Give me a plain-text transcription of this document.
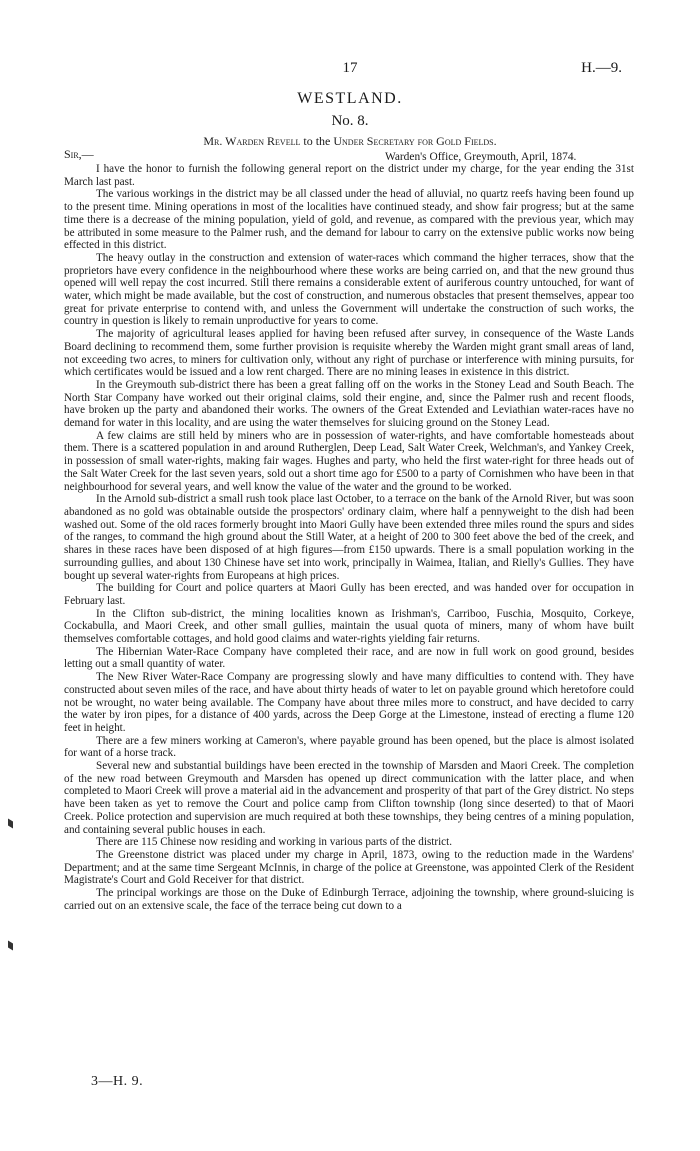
17	H.—9.
WESTLAND.
No. 8.
Mr. Warden Revell to the Under Secretary for Gold Fields.
Sir,—	Warden's Office, Greymouth, April, 1874.

I have the honor to furnish the following general report on the district under my charge, for the year ending the 31st March last past.

The various workings in the district may be all classed under the head of alluvial, no quartz reefs having been found up to the present time. Mining operations in most of the localities have continued steady, and show fair progress; but at the same time there is a decrease of the mining population, yield of gold, and revenue, as compared with the previous year, which may be attributed in some measure to the Palmer rush, and the demand for labour to carry on the extensive public works now being effected in this district.

The heavy outlay in the construction and extension of water-races which command the higher terraces, show that the proprietors have every confidence in the neighbourhood where these works are being carried on, and that the new ground thus opened will well repay the cost incurred. Still there remains a considerable extent of auriferous country untouched, for want of water, which might be made available, but the cost of construction, and numerous obstacles that present themselves, appear too great for private enterprise to contend with, and unless the Government will undertake the construction of such works, the country in question is likely to remain unproductive for years to come.

The majority of agricultural leases applied for having been refused after survey, in consequence of the Waste Lands Board declining to recommend them, some further provision is requisite whereby the Warden might grant small areas of land, not exceeding two acres, to miners for cultivation only, without any right of purchase or interference with mining pursuits, for which certificates would be issued and a low rent charged. There are no mining leases in existence in this district.

In the Greymouth sub-district there has been a great falling off on the works in the Stoney Lead and South Beach. The North Star Company have worked out their original claims, sold their engine, and, since the Palmer rush and recent floods, have broken up the party and abandoned their works. The owners of the Great Extended and Leviathian water-races have no demand for water in this locality, and are using the water themselves for sluicing ground on the Stoney Lead.

A few claims are still held by miners who are in possession of water-rights, and have comfortable homesteads about them. There is a scattered population in and around Rutherglen, Deep Lead, Salt Water Creek, Welchman's, and Yankey Creek, in possession of small water-rights, making fair wages. Hughes and party, who held the first water-right for three heads out of the Salt Water Creek for the last seven years, sold out a short time ago for £500 to a party of Cornishmen who have been in that neighbourhood for several years, and well know the value of the water and the ground to be worked.

In the Arnold sub-district a small rush took place last October, to a terrace on the bank of the Arnold River, but was soon abandoned as no gold was obtainable outside the prospectors' ordinary claim, where half a pennyweight to the dish had been washed out. Some of the old races formerly brought into Maori Gully have been extended three miles round the spurs and sides of the ranges, to command the high ground about the Still Water, at a height of 200 to 300 feet above the bed of the creek, and shares in these races have been disposed of at high figures—from £150 upwards. There is a small population working in the surrounding gullies, and about 130 Chinese have set into work, principally in Waimea, Italian, and Rielly's Gullies. They have bought up several water-rights from Europeans at high prices.

The building for Court and police quarters at Maori Gully has been erected, and was handed over for occupation in February last.

In the Clifton sub-district, the mining localities known as Irishman's, Carriboo, Fuschia, Mosquito, Corkeye, Cockabulla, and Maori Creek, and other small gullies, maintain the usual quota of miners, many of whom have built themselves comfortable cottages, and hold good claims and water-rights yielding fair returns.

The Hibernian Water-Race Company have completed their race, and are now in full work on good ground, besides letting out a small quantity of water.

The New River Water-Race Company are progressing slowly and have many difficulties to contend with. They have constructed about seven miles of the race, and have about thirty heads of water to let on payable ground which heretofore could not be wrought, no water being available. The Company have about three miles more to construct, and have decided to carry the water by iron pipes, for a distance of 400 yards, across the Deep Gorge at the Limestone, instead of erecting a flume 120 feet in height.

There are a few miners working at Cameron's, where payable ground has been opened, but the place is almost isolated for want of a horse track.

Several new and substantial buildings have been erected in the township of Marsden and Maori Creek. The completion of the new road between Greymouth and Marsden has opened up direct communication with the latter place, and when completed to Maori Creek will prove a material aid in the advancement and prosperity of that part of the Grey district. No steps have been taken as yet to remove the Court and police camp from Clifton township (long since deserted) to that of Maori Creek. Police protection and supervision are much required at both these townships, they being centres of a mining population, and containing several public houses in each.

There are 115 Chinese now residing and working in various parts of the district.

The Greenstone district was placed under my charge in April, 1873, owing to the reduction made in the Wardens' Department; and at the same time Sergeant McInnis, in charge of the police at Greenstone, was appointed Clerk of the Resident Magistrate's Court and Gold Receiver for that district.

The principal workings are those on the Duke of Edinburgh Terrace, adjoining the township, where ground-sluicing is carried out on an extensive scale, the face of the terrace being cut down to a

3—H. 9.
